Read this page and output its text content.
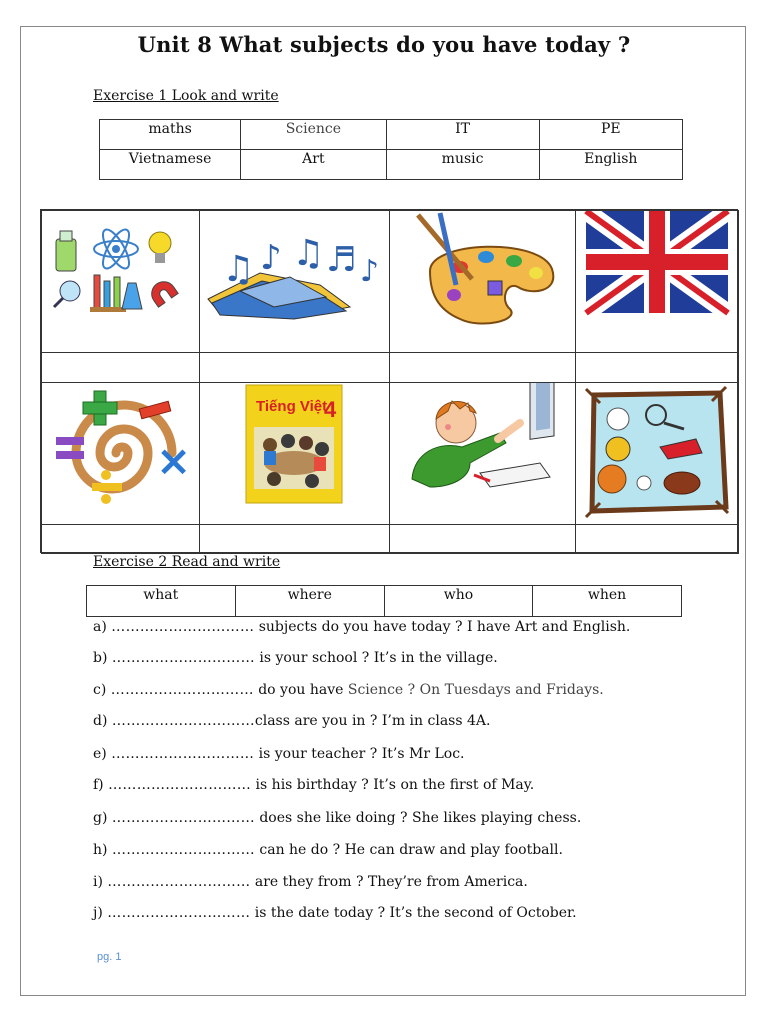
Unit 8 What subjects do you have today ?
Exercise 1 Look and write
maths	Science	IT	PE
Vietnamese	Art	music	English
♫ ♪ ♫ ♬ ♪
×
Tiếng Việt
4
Exercise 2 Read and write
what	where	who	when
a) ………………………… subjects do you have today ? I have Art and English.
b) ………………………… is your school ? It’s in the village.
c) ………………………… do you have Science ? On Tuesdays and Fridays.
d) …………………………class are you in ? I’m in class 4A.
e) ………………………… is your teacher ? It’s Mr Loc.
f) ………………………… is his birthday ? It’s on the first of May.
g) ………………………… does she like doing ? She likes playing chess.
h) ………………………… can he do ? He can draw and play football.
i) ………………………… are they from ? They’re from America.
j) ………………………… is the date today ? It’s the second of October.
pg. 1
